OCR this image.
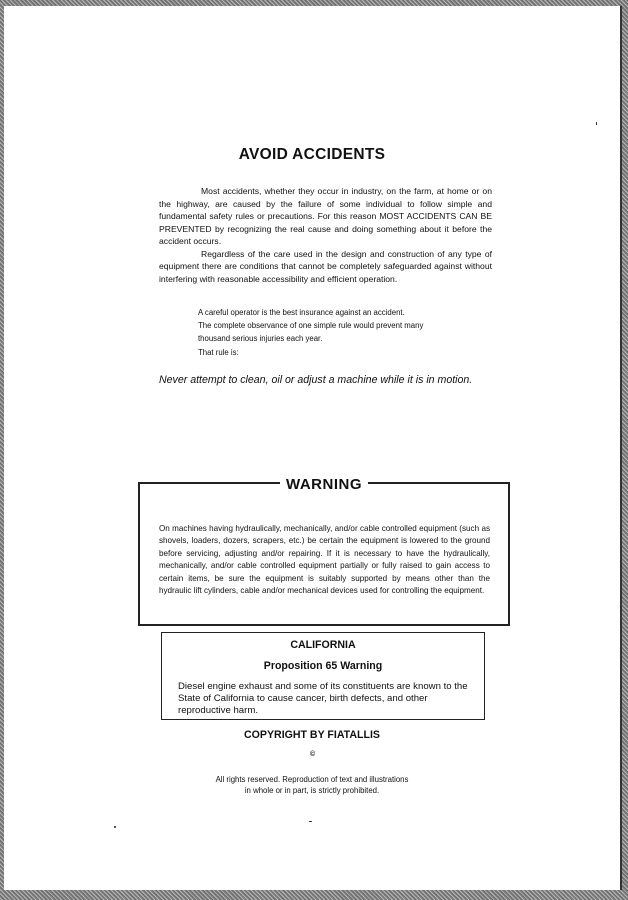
AVOID ACCIDENTS

Most accidents, whether they occur in industry, on the farm, at home or on the highway, are caused by the failure of some individual to follow simple and fundamental safety rules or precautions. For this reason MOST ACCIDENTS CAN BE PREVENTED by recognizing the real cause and doing something about it before the accident occurs.

Regardless of the care used in the design and construction of any type of equipment there are conditions that cannot be completely safeguarded against without interfering with reasonable accessibility and efficient operation.

A careful operator is the best insurance against an accident.
The complete observance of one simple rule would prevent many
thousand serious injuries each year.
That rule is:
Never attempt to clean, oil or adjust a machine while it is in motion.
WARNING
On machines having hydraulically, mechanically, and/or cable controlled equipment (such as shovels, loaders, dozers, scrapers, etc.) be certain the equipment is lowered to the ground before servicing, adjusting and/or repairing. If it is necessary to have the hydraulically, mechanically, and/or cable controlled equipment partially or fully raised to gain access to certain items, be sure the equipment is suitably supported by means other than the hydraulic lift cylinders, cable and/or mechanical devices used for controlling the equipment.
CALIFORNIA
Proposition 65 Warning
Diesel engine exhaust and some of its constituents are known to the State of California to cause cancer, birth defects, and other reproductive harm.
COPYRIGHT BY FIATALLIS
©
All rights reserved. Reproduction of text and illustrations
in whole or in part, is strictly prohibited.
